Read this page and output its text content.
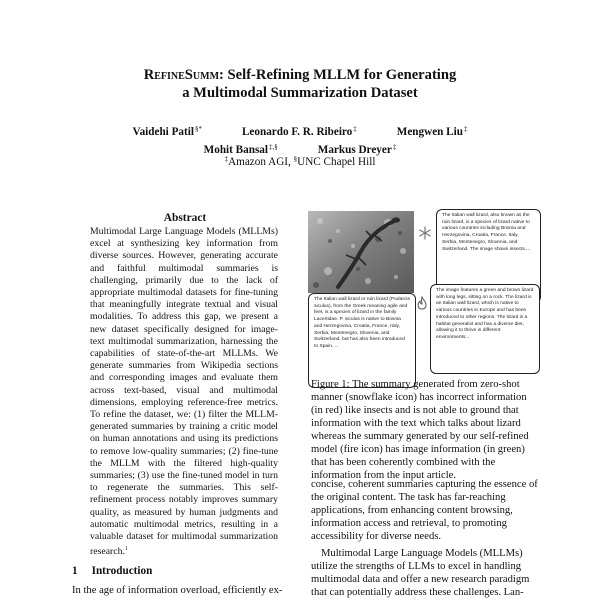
RefineSumm: Self-Refining MLLM for Generating
a Multimodal Summarization Dataset
Vaidehi Patil§*	Leonardo F. R. Ribeiro‡	Mengwen Liu‡
Mohit Bansal‡,§	Markus Dreyer‡
‡Amazon AGI, §UNC Chapel Hill
Abstract
Multimodal Large Language Models (MLLMs) excel at synthesizing key information from diverse sources. However, generating accurate and faithful multimodal summaries is challenging, primarily due to the lack of appropriate multimodal datasets for fine-tuning that meaningfully integrate textual and visual modalities. To address this gap, we present a new dataset specifically designed for image-text multimodal summarization, harnessing the capabilities of state-of-the-art MLLMs. We generate summaries from Wikipedia sections and corresponding images and evaluate them across text-based, visual and multimodal dimensions, employing reference-free metrics. To refine the dataset, we: (1) filter the MLLM-generated summaries by training a critic model on human annotations and using its predictions to remove low-quality summaries; (2) fine-tune the MLLM with the filtered high-quality summaries; (3) use the fine-tuned model in turn to regenerate the summaries. This self-refinement process notably improves summary quality, as measured by human judgments and automatic multimodal metrics, resulting in a valuable dataset for multimodal summarization research.$^1$
1 Introduction
In the age of information overload, efficiently ex-
The Italian wall lizard, also known as the ruin lizard, is a species of lizard native to various countries including Bosnia and Herzegovina, Croatia, France, Italy, Serbia, Montenegro, Slovenia, and Switzerland. The image shows insects....
The Italian wall lizard or ruin lizard (Podarcis siculus), from the Greek meaning agile and feet, is a species of lizard in the family Lacertidae. P. siculus is native to Bosnia and Herzegovina, Croatia, France, Italy, Serbia, Montenegro, Slovenia, and Switzerland, but has also been introduced to Spain, ...
The image features a green and brown lizard with long legs, sitting on a rock. The lizard is an Italian wall lizard, which is native to various countries in Europe and has been introduced to other regions. The lizard is a habitat generalist and has a diverse diet, allowing it to thrive in different environments...
Figure 1: The summary generated from zero-shot manner (snowflake icon) has incorrect information (in red) like insects and is not able to ground that information with the text which talks about lizard whereas the summary generated by our self-refined model (fire icon) has image information (in green) that has been coherently combined with the information from the input article.

concise, coherent summaries capturing the essence of the original content. The task has far-reaching applications, from enhancing content browsing, information access and retrieval, to promoting accessibility for diverse needs.

Multimodal Large Language Models (MLLMs) utilize the strengths of LLMs to excel in handling multimodal data and offer a new research paradigm that can potentially address these challenges. Lan-
